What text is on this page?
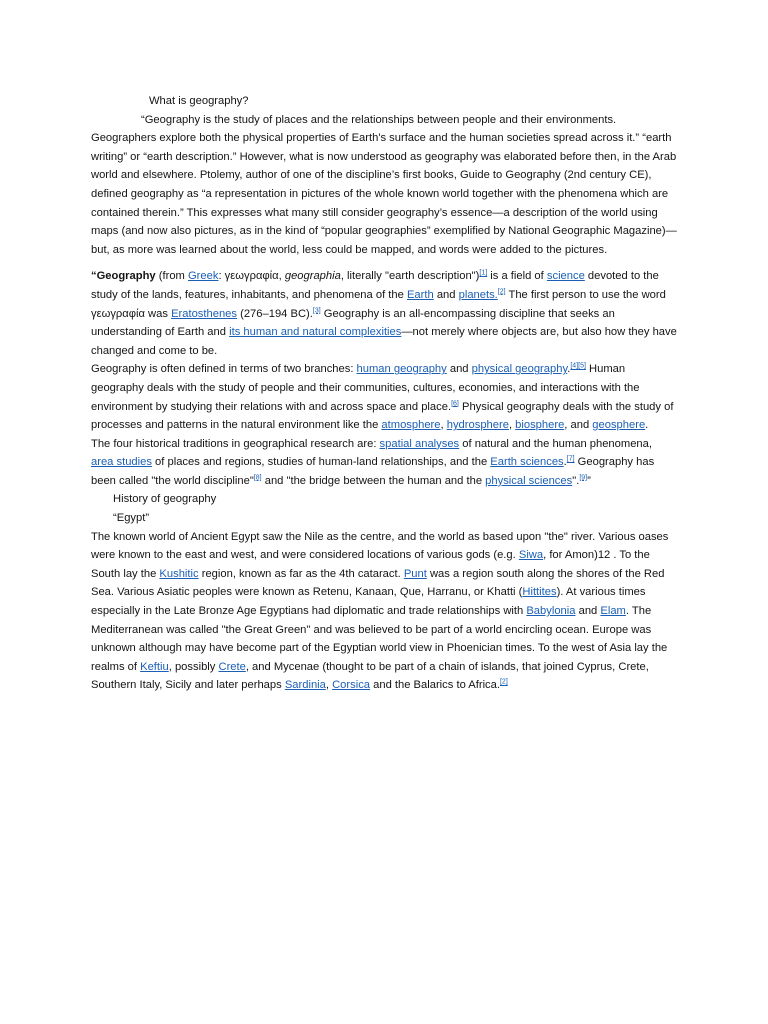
What is geography?

“Geography is the study of places and the relationships between people and their environments. Geographers explore both the physical properties of Earth's surface and the human societies spread across it.” “earth writing” or “earth description.” However, what is now understood as geography was elaborated before then, in the Arab world and elsewhere. Ptolemy, author of one of the discipline’s first books, Guide to Geography (2nd century CE), defined geography as “a representation in pictures of the whole known world together with the phenomena which are contained therein.” This expresses what many still consider geography’s essence—a description of the world using maps (and now also pictures, as in the kind of “popular geographies” exemplified by National Geographic Magazine)—but, as more was learned about the world, less could be mapped, and words were added to the pictures.

“Geography (from Greek: γεωγραφία, geographia, literally "earth description")[1] is a field of science devoted to the study of the lands, features, inhabitants, and phenomena of the Earth and planets.[2] The first person to use the word γεωγραφία was Eratosthenes (276–194 BC).[3] Geography is an all-encompassing discipline that seeks an understanding of Earth and its human and natural complexities—not merely where objects are, but also how they have changed and come to be.

Geography is often defined in terms of two branches: human geography and physical geography.[4][5] Human geography deals with the study of people and their communities, cultures, economies, and interactions with the environment by studying their relations with and across space and place.[6] Physical geography deals with the study of processes and patterns in the natural environment like the atmosphere, hydrosphere, biosphere, and geosphere.

The four historical traditions in geographical research are: spatial analyses of natural and the human phenomena, area studies of places and regions, studies of human-land relationships, and the Earth sciences.[7] Geography has been called "the world discipline"[8] and "the bridge between the human and the physical sciences".[9]”

History of geography

“Egypt”

The known world of Ancient Egypt saw the Nile as the centre, and the world as based upon "the" river. Various oases were known to the east and west, and were considered locations of various gods (e.g. Siwa, for Amon)12 . To the South lay the Kushitic region, known as far as the 4th cataract. Punt was a region south along the shores of the Red Sea. Various Asiatic peoples were known as Retenu, Kanaan, Que, Harranu, or Khatti (Hittites). At various times especially in the Late Bronze Age Egyptians had diplomatic and trade relationships with Babylonia and Elam. The Mediterranean was called "the Great Green" and was believed to be part of a world encircling ocean. Europe was unknown although may have become part of the Egyptian world view in Phoenician times. To the west of Asia lay the realms of Keftiu, possibly Crete, and Mycenae (thought to be part of a chain of islands, that joined Cyprus, Crete, Southern Italy, Sicily and later perhaps Sardinia, Corsica and the Balarics to Africa.[2]
